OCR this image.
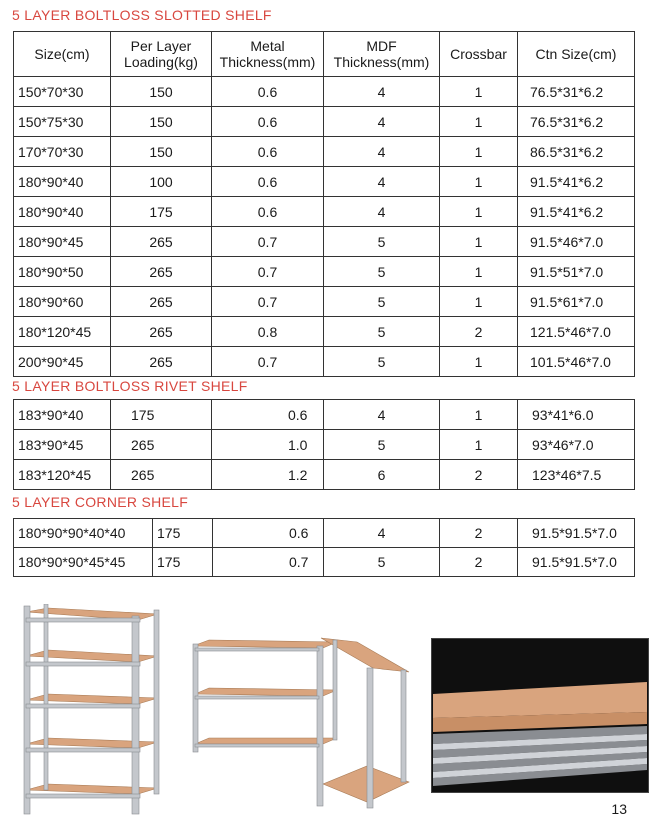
5 LAYER BOLTLOSS SLOTTED SHELF
Size(cm)	Per Layer Loading(kg)	Metal Thickness(mm)	MDF Thickness(mm)	Crossbar	Ctn Size(cm)
150*70*30	150	0.6	4	1	76.5*31*6.2
150*75*30	150	0.6	4	1	76.5*31*6.2
170*70*30	150	0.6	4	1	86.5*31*6.2
180*90*40	100	0.6	4	1	91.5*41*6.2
180*90*40	175	0.6	4	1	91.5*41*6.2
180*90*45	265	0.7	5	1	91.5*46*7.0
180*90*50	265	0.7	5	1	91.5*51*7.0
180*90*60	265	0.7	5	1	91.5*61*7.0
180*120*45	265	0.8	5	2	121.5*46*7.0
200*90*45	265	0.7	5	1	101.5*46*7.0
5 LAYER BOLTLOSS RIVET SHELF
183*90*40	175	0.6	4	1	93*41*6.0
183*90*45	265	1.0	5	1	93*46*7.0
183*120*45	265	1.2	6	2	123*46*7.5
5 LAYER CORNER SHELF
180*90*90*40*40	175	0.6	4	2	91.5*91.5*7.0
180*90*90*45*45	175	0.7	5	2	91.5*91.5*7.0
13
